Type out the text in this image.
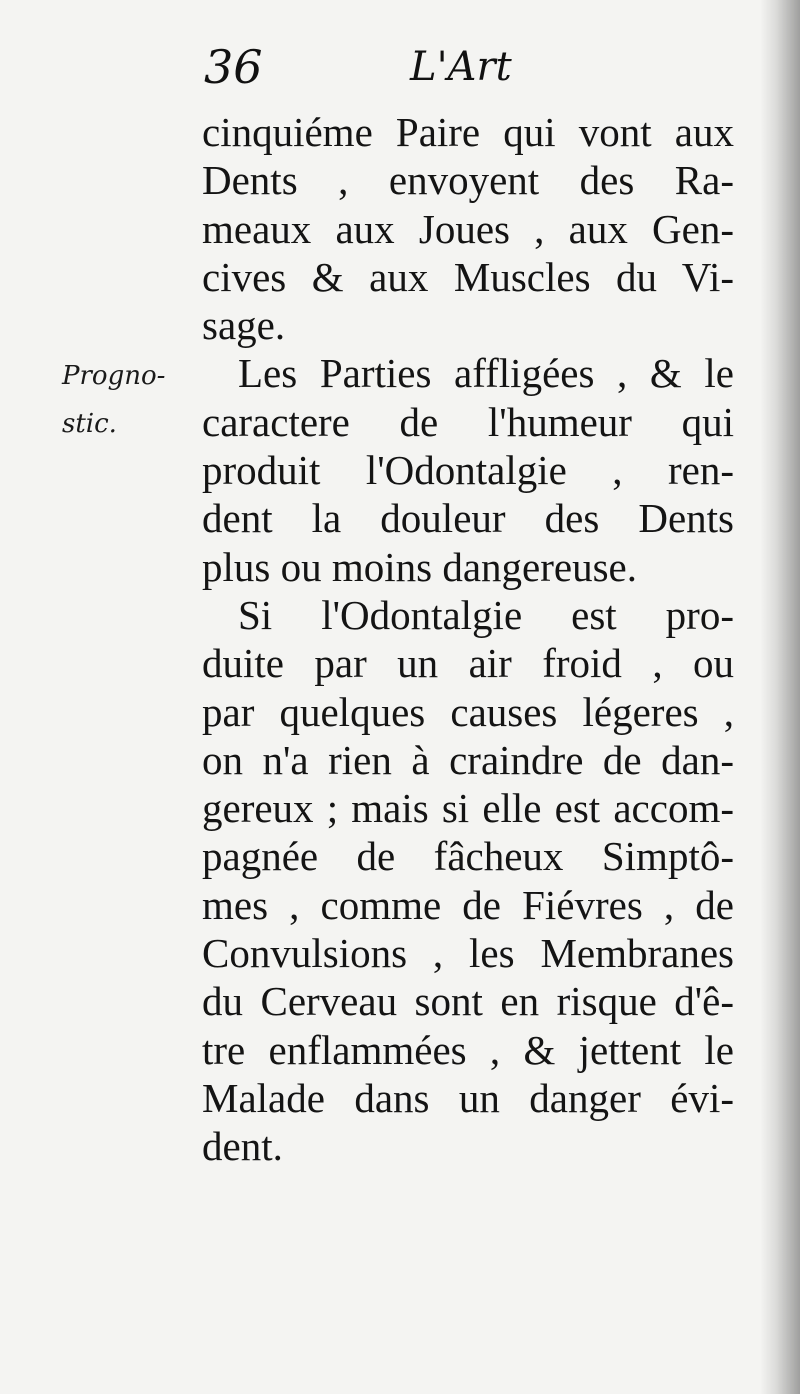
36	L'Art
Progno-
stic.
cinquiéme Paire qui vont aux
Dents , envoyent des Ra-
meaux aux Joues , aux Gen-
cives & aux Muscles du Vi-
sage.
Les Parties affligées , & le
caractere de l'humeur qui
produit l'Odontalgie , ren-
dent la douleur des Dents
plus ou moins dangereuse.
Si l'Odontalgie est pro-
duite par un air froid , ou
par quelques causes légeres ,
on n'a rien à craindre de dan-
gereux ; mais si elle est accom-
pagnée de fâcheux Simptô-
mes , comme de Fiévres , de
Convulsions , les Membranes
du Cerveau sont en risque d'ê-
tre enflammées , & jettent le
Malade dans un danger évi-
dent.
